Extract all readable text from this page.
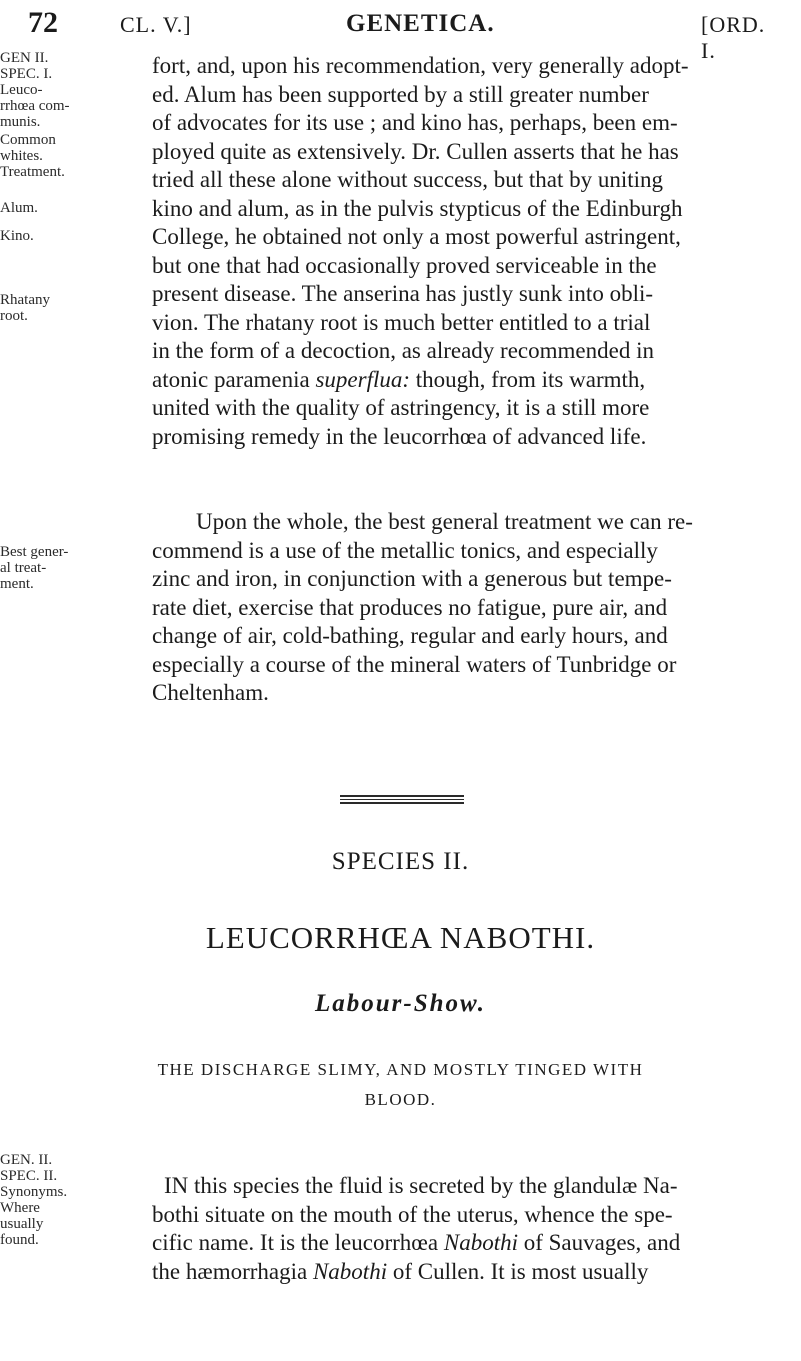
72	CL. V.]	GENETICA.	[ORD. I.
GEN II.
SPEC. I.
Leuco-
rrhœa com-
munis.
Common
whites.
Treatment.
Alum.
Kino.
Rhatany
root.
Best gener-
al treat-
ment.
fort, and, upon his recommendation, very generally adopt-
ed. Alum has been supported by a still greater number
of advocates for its use ; and kino has, perhaps, been em-
ployed quite as extensively. Dr. Cullen asserts that he has
tried all these alone without success, but that by uniting
kino and alum, as in the pulvis stypticus of the Edinburgh
College, he obtained not only a most powerful astringent,
but one that had occasionally proved serviceable in the
present disease. The anserina has justly sunk into obli-
vion. The rhatany root is much better entitled to a trial
in the form of a decoction, as already recommended in
atonic paramenia superflua: though, from its warmth,
united with the quality of astringency, it is a still more
promising remedy in the leucorrhœa of advanced life.
Upon the whole, the best general treatment we can re-
commend is a use of the metallic tonics, and especially
zinc and iron, in conjunction with a generous but tempe-
rate diet, exercise that produces no fatigue, pure air, and
change of air, cold-bathing, regular and early hours, and
especially a course of the mineral waters of Tunbridge or
Cheltenham.
SPECIES II.
LEUCORRHŒA NABOTHI.
Labour-Show.
THE DISCHARGE SLIMY, AND MOSTLY TINGED WITH
BLOOD.
GEN. II.
SPEC. II.
Synonyms.
Where
usually
found.
IN this species the fluid is secreted by the glandulæ Na-
bothi situate on the mouth of the uterus, whence the spe-
cific name. It is the leucorrhœa Nabothi of Sauvages, and
the hæmorrhagia Nabothi of Cullen. It is most usually
